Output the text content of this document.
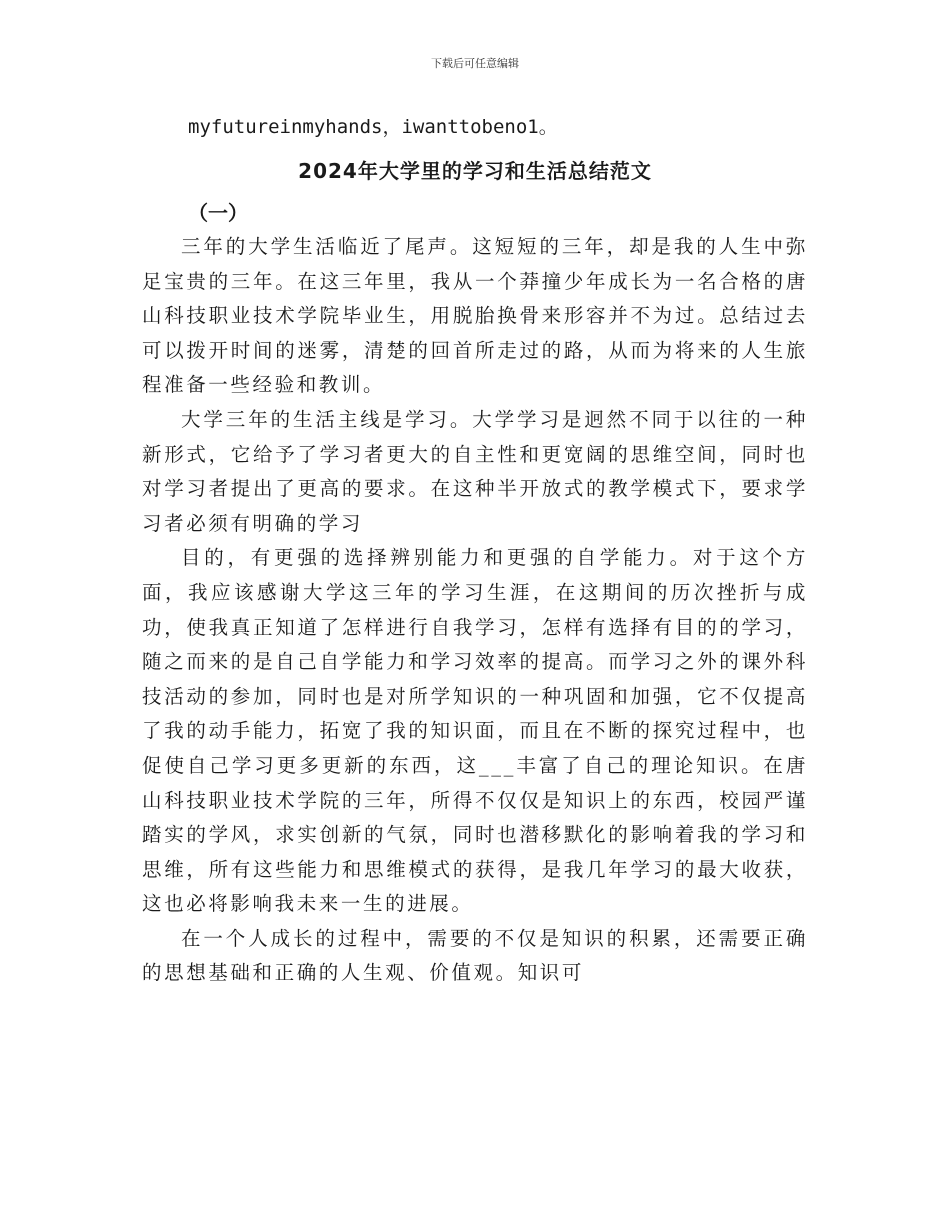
下载后可任意编辑

myfutureinmyhands，iwanttobeno1。

2024年大学里的学习和生活总结范文
（一）

三年的大学生活临近了尾声。这短短的三年，却是我的人生中弥足宝贵的三年。在这三年里，我从一个莽撞少年成长为一名合格的唐山科技职业技术学院毕业生，用脱胎换骨来形容并不为过。总结过去可以拨开时间的迷雾，清楚的回首所走过的路，从而为将来的人生旅程准备一些经验和教训。

大学三年的生活主线是学习。大学学习是迥然不同于以往的一种新形式，它给予了学习者更大的自主性和更宽阔的思维空间，同时也对学习者提出了更高的要求。在这种半开放式的教学模式下，要求学习者必须有明确的学习

目的，有更强的选择辨别能力和更强的自学能力。对于这个方面，我应该感谢大学这三年的学习生涯，在这期间的历次挫折与成功，使我真正知道了怎样进行自我学习，怎样有选择有目的的学习，随之而来的是自己自学能力和学习效率的提高。而学习之外的课外科技活动的参加，同时也是对所学知识的一种巩固和加强，它不仅提高了我的动手能力，拓宽了我的知识面，而且在不断的探究过程中，也促使自己学习更多更新的东西，这___丰富了自己的理论知识。在唐山科技职业技术学院的三年，所得不仅仅是知识上的东西，校园严谨踏实的学风，求实创新的气氛，同时也潜移默化的影响着我的学习和思维，所有这些能力和思维模式的获得，是我几年学习的最大收获，这也必将影响我未来一生的进展。

在一个人成长的过程中，需要的不仅是知识的积累，还需要正确的思想基础和正确的人生观、价值观。知识可
